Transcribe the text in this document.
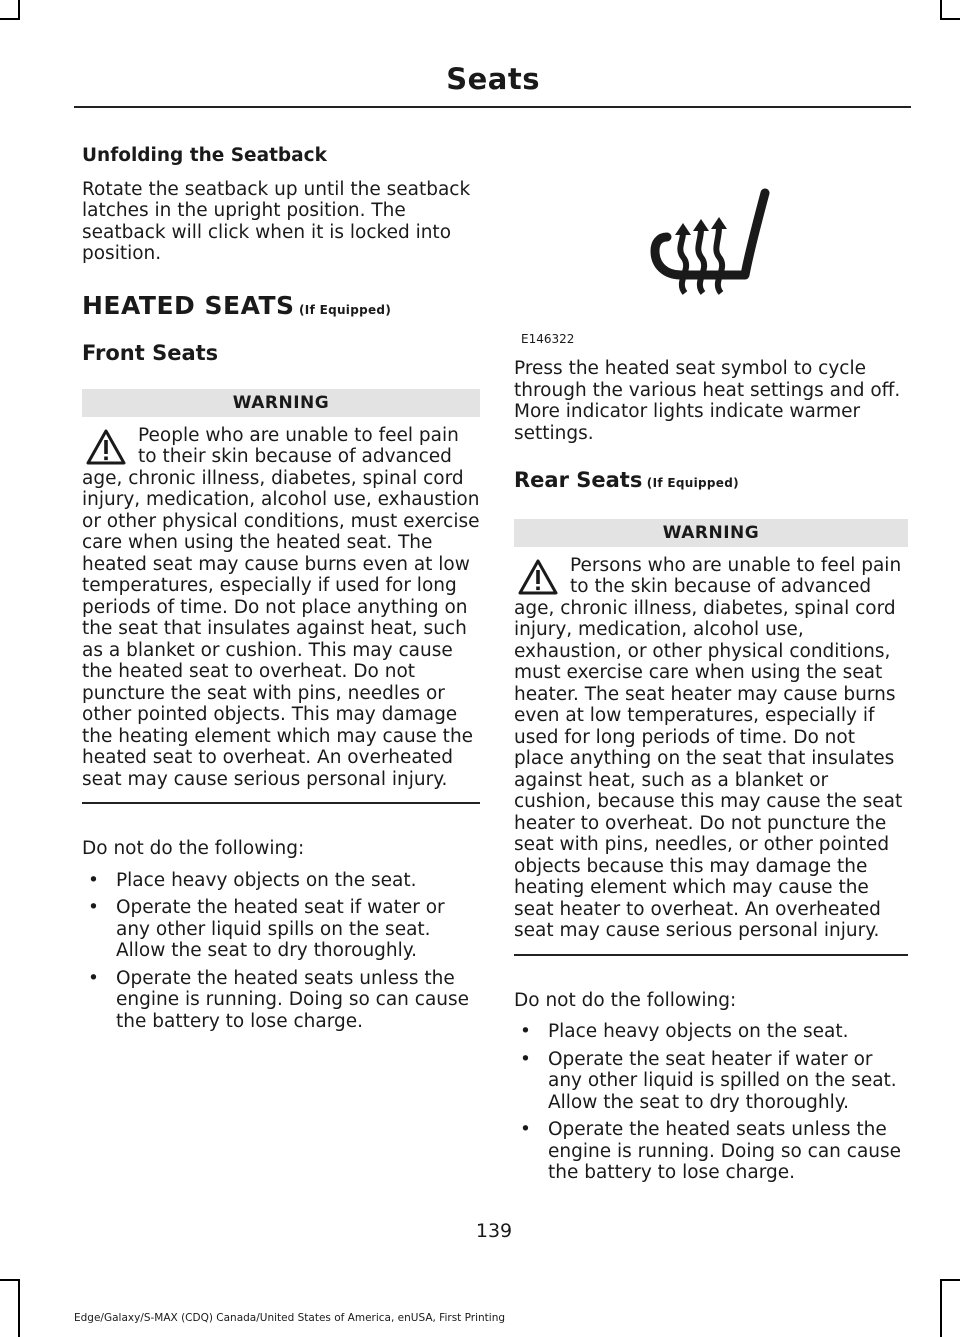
Seats

Unfolding the Seatback

Rotate the seatback up until the seatback latches in the upright position. The seatback will click when it is locked into position.

HEATED SEATS (If Equipped)

Front Seats

WARNING

People who are unable to feel pain to their skin because of advanced age, chronic illness, diabetes, spinal cord injury, medication, alcohol use, exhaustion or other physical conditions, must exercise care when using the heated seat. The heated seat may cause burns even at low temperatures, especially if used for long periods of time. Do not place anything on the seat that insulates against heat, such as a blanket or cushion. This may cause the heated seat to overheat. Do not puncture the seat with pins, needles or other pointed objects. This may damage the heating element which may cause the heated seat to overheat. An overheated seat may cause serious personal injury.

Do not do the following:

• Place heavy objects on the seat.
• Operate the heated seat if water or any other liquid spills on the seat. Allow the seat to dry thoroughly.
• Operate the heated seats unless the engine is running. Doing so can cause the battery to lose charge.
E146322

Press the heated seat symbol to cycle through the various heat settings and off. More indicator lights indicate warmer settings.

Rear Seats (If Equipped)

WARNING

Persons who are unable to feel pain to the skin because of advanced age, chronic illness, diabetes, spinal cord injury, medication, alcohol use, exhaustion, or other physical conditions, must exercise care when using the seat heater. The seat heater may cause burns even at low temperatures, especially if used for long periods of time. Do not place anything on the seat that insulates against heat, such as a blanket or cushion, because this may cause the seat heater to overheat. Do not puncture the seat with pins, needles, or other pointed objects because this may damage the heating element which may cause the seat heater to overheat. An overheated seat may cause serious personal injury.

Do not do the following:

• Place heavy objects on the seat.
• Operate the seat heater if water or any other liquid is spilled on the seat. Allow the seat to dry thoroughly.
• Operate the heated seats unless the engine is running. Doing so can cause the battery to lose charge.
139
Edge/Galaxy/S-MAX (CDQ) Canada/United States of America, enUSA, First Printing
